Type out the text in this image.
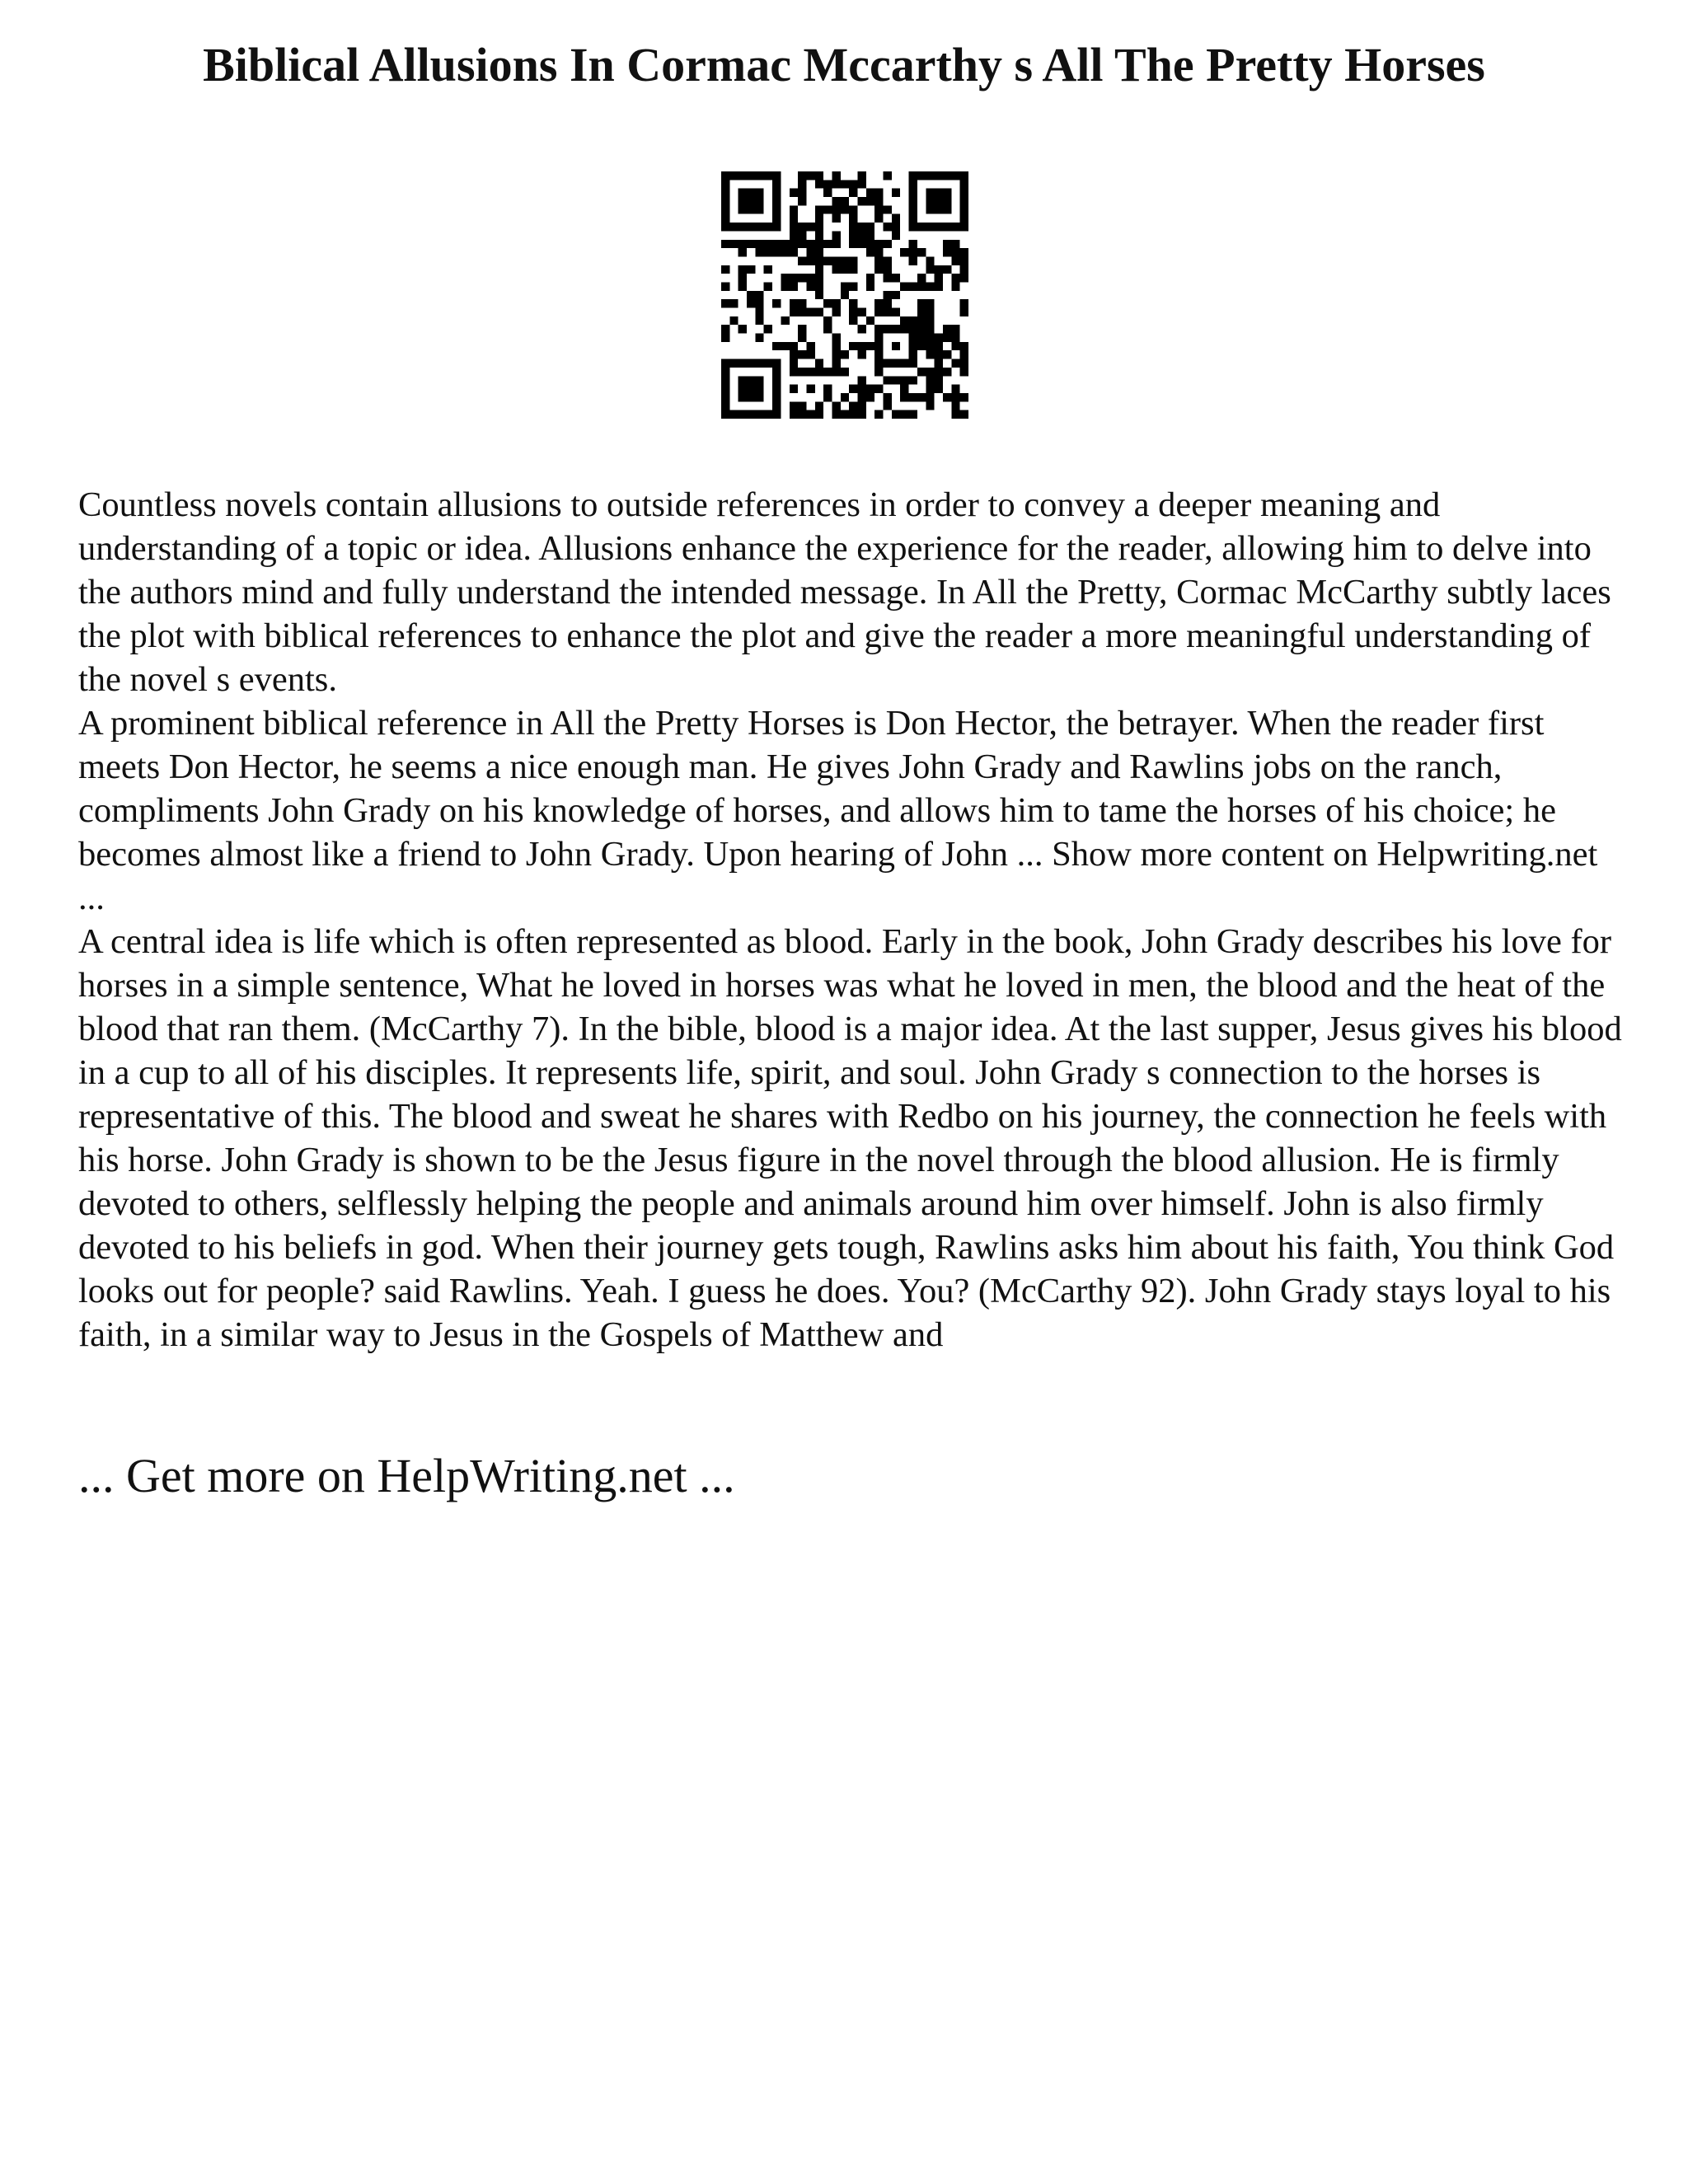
Biblical Allusions In Cormac Mccarthy s All The Pretty Horses

Countless novels contain allusions to outside references in order to convey a deeper meaning and understanding of a topic or idea. Allusions enhance the experience for the reader, allowing him to delve into the authors mind and fully understand the intended message. In All the Pretty, Cormac McCarthy subtly laces the plot with biblical references to enhance the plot and give the reader a more meaningful understanding of the novel s events.

A prominent biblical reference in All the Pretty Horses is Don Hector, the betrayer. When the reader first meets Don Hector, he seems a nice enough man. He gives John Grady and Rawlins jobs on the ranch, compliments John Grady on his knowledge of horses, and allows him to tame the horses of his choice; he becomes almost like a friend to John Grady. Upon hearing of John ... Show more content on Helpwriting.net ...

A central idea is life which is often represented as blood. Early in the book, John Grady describes his love for horses in a simple sentence, What he loved in horses was what he loved in men, the blood and the heat of the blood that ran them. (McCarthy 7). In the bible, blood is a major idea. At the last supper, Jesus gives his blood in a cup to all of his disciples. It represents life, spirit, and soul. John Grady s connection to the horses is representative of this. The blood and sweat he shares with Redbo on his journey, the connection he feels with his horse. John Grady is shown to be the Jesus figure in the novel through the blood allusion. He is firmly devoted to others, selflessly helping the people and animals around him over himself. John is also firmly devoted to his beliefs in god. When their journey gets tough, Rawlins asks him about his faith, You think God looks out for people? said Rawlins. Yeah. I guess he does. You? (McCarthy 92). John Grady stays loyal to his faith, in a similar way to Jesus in the Gospels of Matthew and

... Get more on HelpWriting.net ...
